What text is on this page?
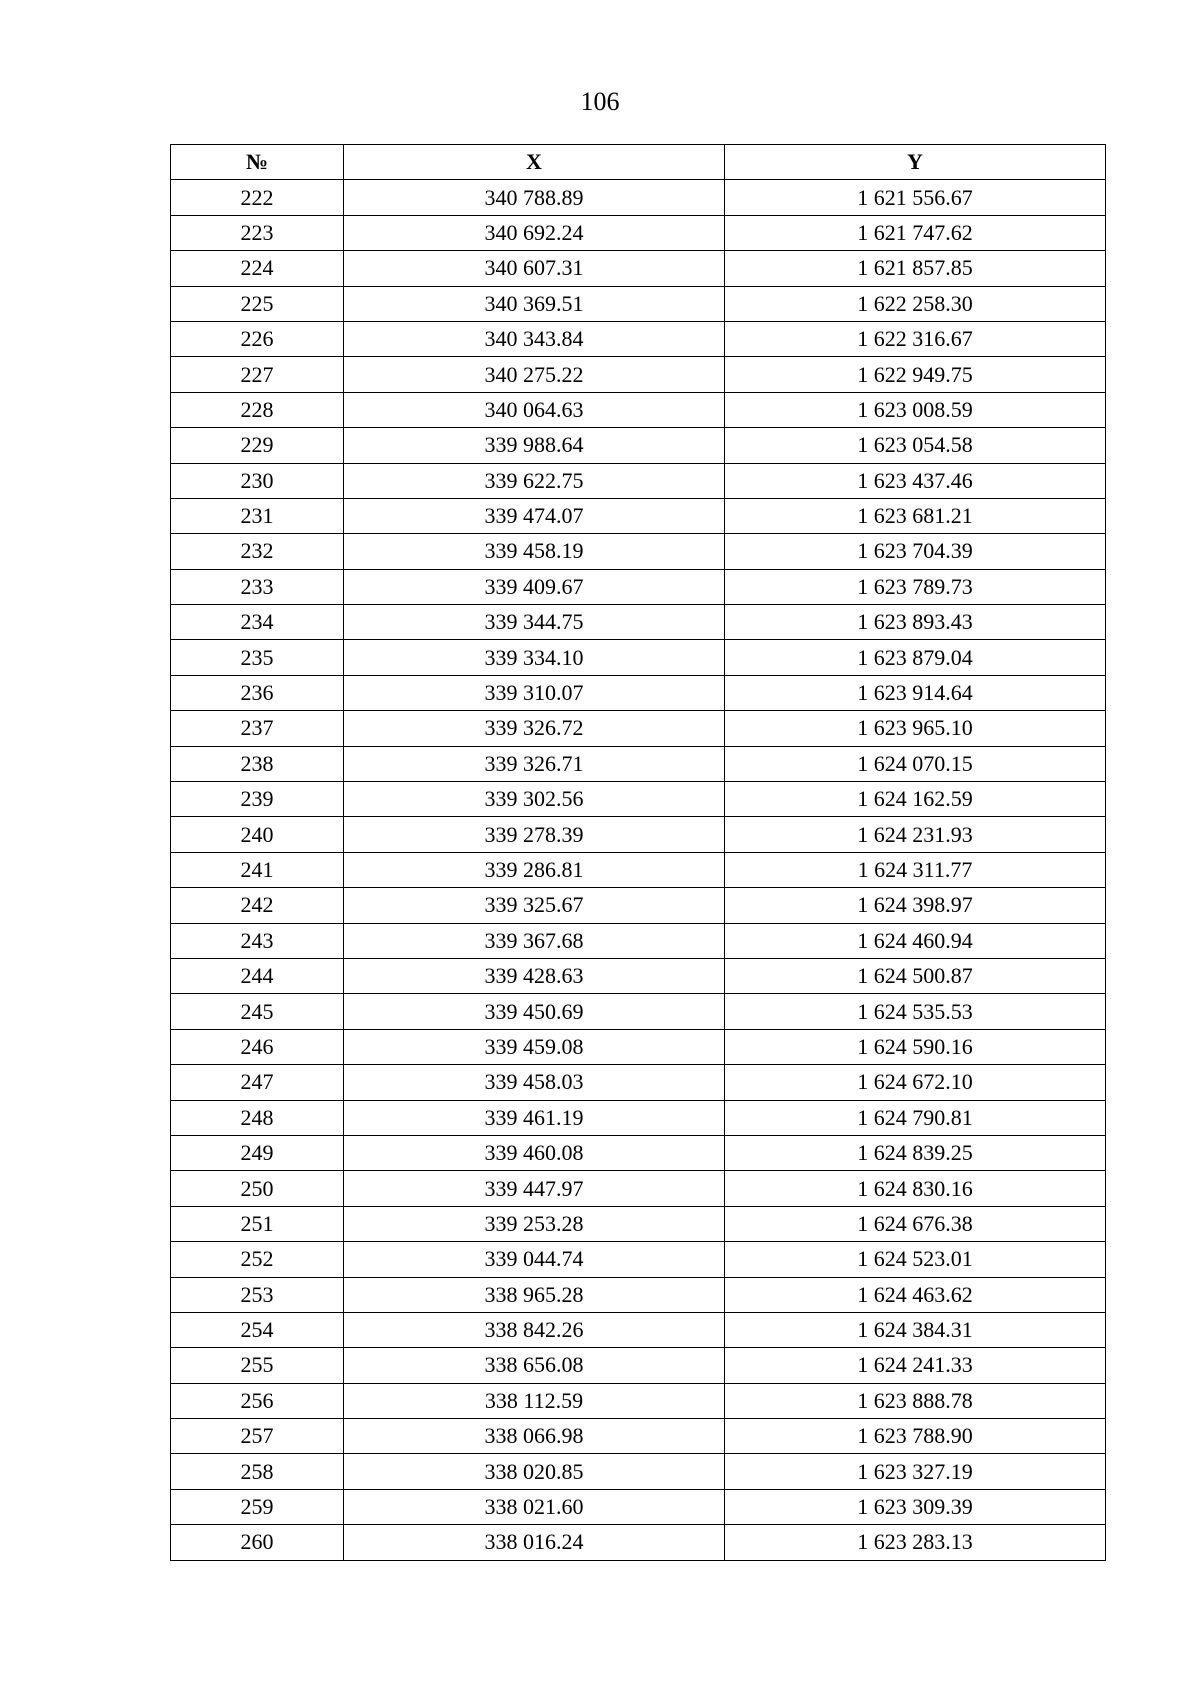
106
№	X	Y
222	340 788.89	1 621 556.67
223	340 692.24	1 621 747.62
224	340 607.31	1 621 857.85
225	340 369.51	1 622 258.30
226	340 343.84	1 622 316.67
227	340 275.22	1 622 949.75
228	340 064.63	1 623 008.59
229	339 988.64	1 623 054.58
230	339 622.75	1 623 437.46
231	339 474.07	1 623 681.21
232	339 458.19	1 623 704.39
233	339 409.67	1 623 789.73
234	339 344.75	1 623 893.43
235	339 334.10	1 623 879.04
236	339 310.07	1 623 914.64
237	339 326.72	1 623 965.10
238	339 326.71	1 624 070.15
239	339 302.56	1 624 162.59
240	339 278.39	1 624 231.93
241	339 286.81	1 624 311.77
242	339 325.67	1 624 398.97
243	339 367.68	1 624 460.94
244	339 428.63	1 624 500.87
245	339 450.69	1 624 535.53
246	339 459.08	1 624 590.16
247	339 458.03	1 624 672.10
248	339 461.19	1 624 790.81
249	339 460.08	1 624 839.25
250	339 447.97	1 624 830.16
251	339 253.28	1 624 676.38
252	339 044.74	1 624 523.01
253	338 965.28	1 624 463.62
254	338 842.26	1 624 384.31
255	338 656.08	1 624 241.33
256	338 112.59	1 623 888.78
257	338 066.98	1 623 788.90
258	338 020.85	1 623 327.19
259	338 021.60	1 623 309.39
260	338 016.24	1 623 283.13
